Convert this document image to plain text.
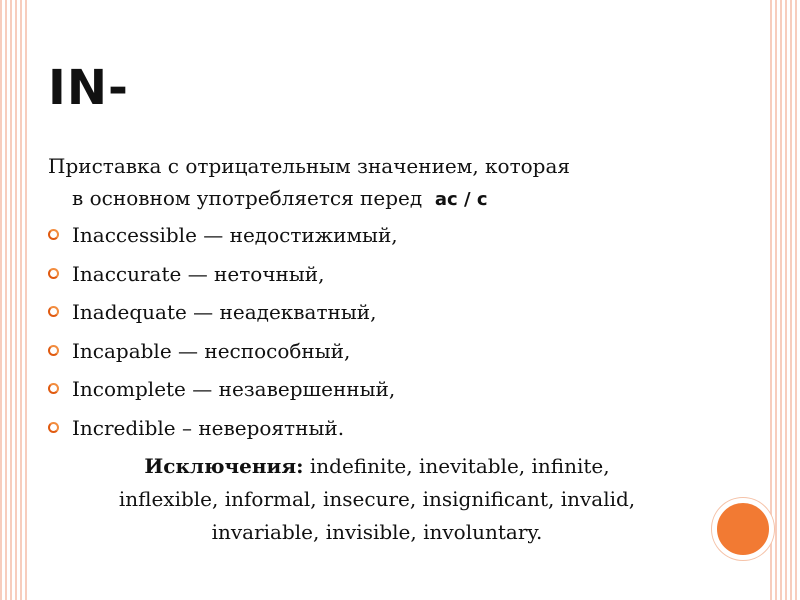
IN-
Приставка с отрицательным значением, которая
в основном употребляется перед ac / c
Inaccessible — недостижимый,
Inaccurate — неточный,
Inadequate — неадекватный,
Incapable — неспособный,
Incomplete — незавершенный,
Incredible – невероятный.
Исключения: indefinite, inevitable, infinite,
inflexible, informal, insecure, insignificant, invalid,
invariable, invisible, involuntary.
